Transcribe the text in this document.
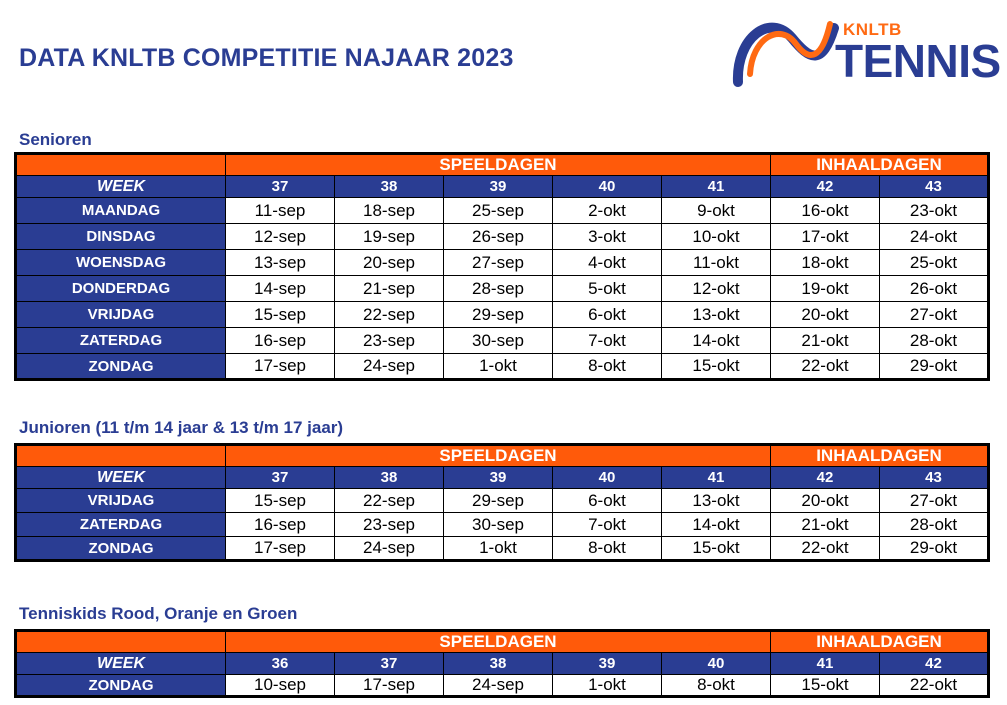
DATA KNLTB COMPETITIE NAJAAR 2023
KNLTB
TENNIS
Senioren
	SPEELDAGEN					INHAALDAGEN	
WEEK	37	38	39	40	41	42	43
MAANDAG	11-sep	18-sep	25-sep	2-okt	9-okt	16-okt	23-okt
DINSDAG	12-sep	19-sep	26-sep	3-okt	10-okt	17-okt	24-okt
WOENSDAG	13-sep	20-sep	27-sep	4-okt	11-okt	18-okt	25-okt
DONDERDAG	14-sep	21-sep	28-sep	5-okt	12-okt	19-okt	26-okt
VRIJDAG	15-sep	22-sep	29-sep	6-okt	13-okt	20-okt	27-okt
ZATERDAG	16-sep	23-sep	30-sep	7-okt	14-okt	21-okt	28-okt
ZONDAG	17-sep	24-sep	1-okt	8-okt	15-okt	22-okt	29-okt
Junioren (11 t/m 14 jaar & 13 t/m 17 jaar)
	SPEELDAGEN					INHAALDAGEN	
WEEK	37	38	39	40	41	42	43
VRIJDAG	15-sep	22-sep	29-sep	6-okt	13-okt	20-okt	27-okt
ZATERDAG	16-sep	23-sep	30-sep	7-okt	14-okt	21-okt	28-okt
ZONDAG	17-sep	24-sep	1-okt	8-okt	15-okt	22-okt	29-okt
Tenniskids Rood, Oranje en Groen
	SPEELDAGEN					INHAALDAGEN	
WEEK	36	37	38	39	40	41	42
ZONDAG	10-sep	17-sep	24-sep	1-okt	8-okt	15-okt	22-okt
